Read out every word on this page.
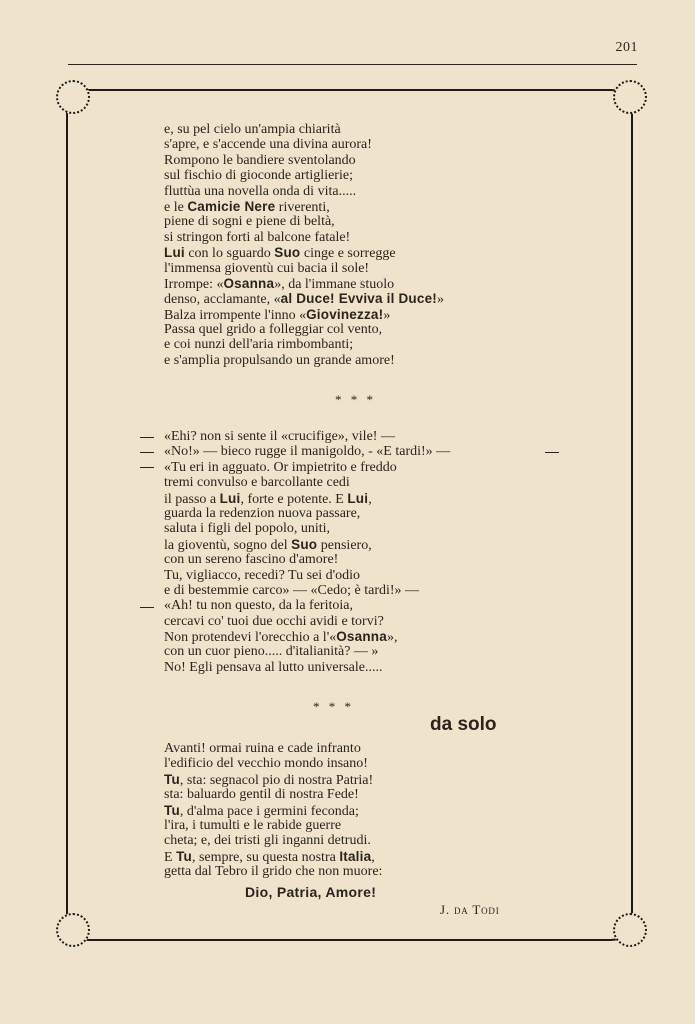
201
e, su pel cielo un'ampia chiarità
s'apre, e s'accende una divina aurora!
Rompono le bandiere sventolando
sul fischio di gioconde artiglierie;
fluttùa una novella onda di vita.....
e le Camicie Nere riverenti,
piene di sogni e piene di beltà,
si stringon forti al balcone fatale!
Lui con lo sguardo Suo cinge e sorregge
l'immensa gioventù cui bacia il sole!
Irrompe: «Osanna», da l'immane stuolo
denso, acclamante, «al Duce! Evviva il Duce!»
Balza irrompente l'inno «Giovinezza!»
Passa quel grido a folleggiar col vento,
e coi nunzi dell'aria rimbombanti;
e s'amplia propulsando un grande amore!
* * *
«Ehi? non si sente il «crucifige», vile! —
«No!» — bieco rugge il manigoldo, - «E tardi!» —
«Tu eri in agguato. Or impietrito e freddo
tremi convulso e barcollante cedi
il passo a Lui, forte e potente. E Lui,
guarda la redenzion nuova passare,
saluta i figli del popolo, uniti,
la gioventù, sogno del Suo pensiero,
con un sereno fascino d'amore!
Tu, vigliacco, recedi? Tu sei d'odio
e di bestemmie carco» — «Cedo; è tardi!» —
«Ah! tu non questo, da la feritoia,
cercavi co' tuoi due occhi avidi e torvi?
Non protendevi l'orecchio a l'«Osanna»,
con un cuor pieno..... d'italianità? — »
No! Egli pensava al lutto universale.....
* * *
da solo
Avanti! ormai ruina e cade infranto
l'edificio del vecchio mondo insano!
Tu, sta: segnacol pio di nostra Patria!
sta: baluardo gentil di nostra Fede!
Tu, d'alma pace i germini feconda;
l'ira, i tumulti e le rabide guerre
cheta; e, dei tristi gli inganni detrudi.
E Tu, sempre, su questa nostra Italia,
getta dal Tebro il grido che non muore:
Dio, Patria, Amore!
J. da Todi
